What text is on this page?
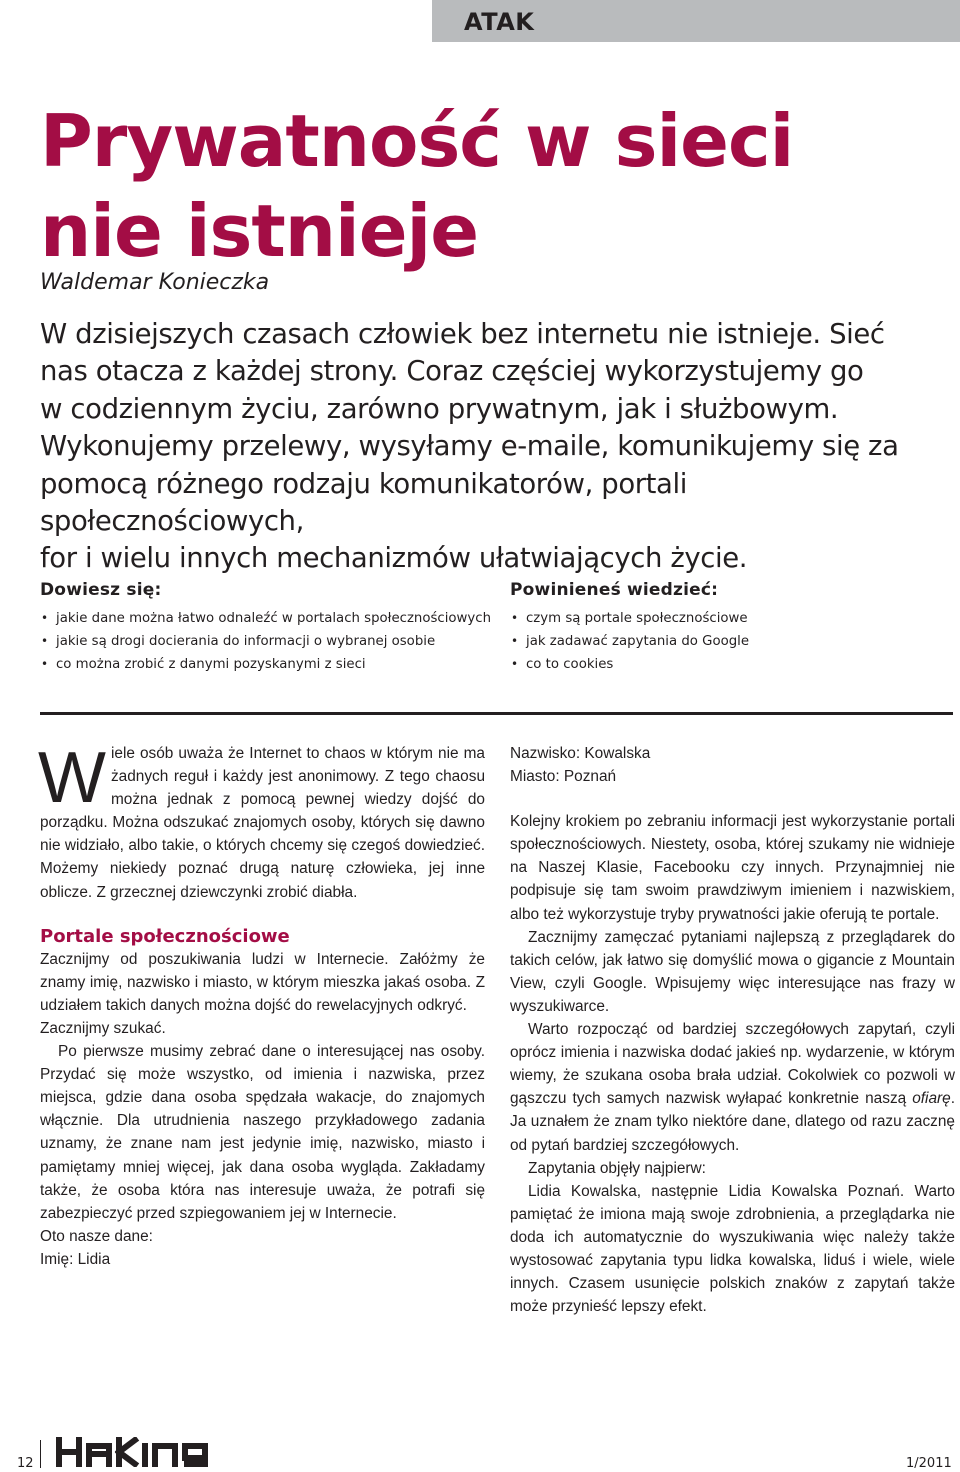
ATAK
Prywatność w sieci
nie istnieje
Waldemar Konieczka

W dzisiejszych czasach człowiek bez internetu nie istnieje. Sieć
nas otacza z każdej strony. Coraz częściej wykorzystujemy go
w codziennym życiu, zarówno prywatnym, jak i służbowym.
Wykonujemy przelewy, wysyłamy e-maile, komunikujemy się za
pomocą różnego rodzaju komunikatorów, portali społecznościowych,
for i wielu innych mechanizmów ułatwiających życie.

Dowiesz się:
• jakie dane można łatwo odnaleźć w portalach społecznościowych
• jakie są drogi docierania do informacji o wybranej osobie
• co można zrobić z danymi pozyskanymi z sieci
Powinieneś wiedzieć:
• czym są portale społecznościowe
• jak zadawać zapytania do Google
• co to cookies

Wiele osób uważa że Internet to chaos w którym nie ma żadnych reguł i każdy jest anonimowy. Z tego chaosu można jednak z pomocą pewnej wiedzy dojść do porządku. Można odszukać znajomych osoby, których się dawno nie widziało, albo takie, o których chcemy się czegoś dowiedzieć. Możemy niekiedy poznać drugą naturę człowieka, jej inne oblicze. Z grzecznej dziewczynki zrobić diabła.

Portale społecznościowe

Zacznijmy od poszukiwania ludzi w Internecie. Załóżmy że znamy imię, nazwisko i miasto, w którym mieszka jakaś osoba. Z udziałem takich danych można dojść do rewelacyjnych odkryć.

Zacznijmy szukać.

Po pierwsze musimy zebrać dane o interesującej nas osoby. Przydać się może wszystko, od imienia i nazwiska, przez miejsca, gdzie dana osoba spędzała wakacje, do znajomych włącznie. Dla utrudnienia naszego przykładowego zadania uznamy, że znane nam jest jedynie imię, nazwisko, miasto i pamiętamy mniej więcej, jak dana osoba wygląda. Zakładamy także, że osoba która nas interesuje uważa, że potrafi się zabezpieczyć przed szpiegowaniem jej w Internecie.

Oto nasze dane:

Imię: Lidia

Nazwisko: Kowalska

Miasto: Poznań

Kolejny krokiem po zebraniu informacji jest wykorzystanie portali społecznościowych. Niestety, osoba, której szukamy nie widnieje na Naszej Klasie, Facebooku czy innych. Przynajmniej nie podpisuje się tam swoim prawdziwym imieniem i nazwiskiem, albo też wykorzystuje tryby prywatności jakie oferują te portale.

Zacznijmy zamęczać pytaniami najlepszą z przeglądarek do takich celów, jak łatwo się domyślić mowa o gigancie z Mountain View, czyli Google. Wpisujemy więc interesujące nas frazy w wyszukiwarce.

Warto rozpocząć od bardziej szczegółowych zapytań, czyli oprócz imienia i nazwiska dodać jakieś np. wydarzenie, w którym wiemy, że szukana osoba brała udział. Cokolwiek co pozwoli w gąszczu tych samych nazwisk wyłapać konkretnie naszą ofiarę. Ja uznałem że znam tylko niektóre dane, dlatego od razu zacznę od pytań bardziej szczegółowych.

Zapytania objęły najpierw:

Lidia Kowalska, następnie Lidia Kowalska Poznań. Warto pamiętać że imiona mają swoje zdrobnienia, a przeglądarka nie doda ich automatycznie do wyszukiwania więc należy także wystosować zapytania typu lidka kowalska, liduś i wiele, wiele innych. Czasem usunięcie polskich znaków z zapytań także może przynieść lepszy efekt.

12	1/2011
